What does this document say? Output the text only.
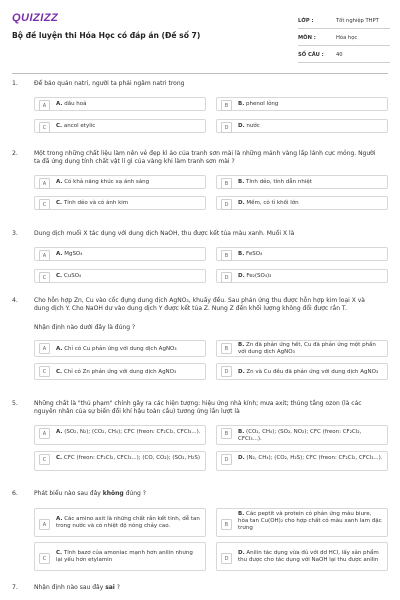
QUIZIZZ
Bộ đề luyện thi Hóa Học có đáp án (Đề số 7)
LỚP :	Tốt nghiệp THPT
MÔN :	Hóa học
SỐ CÂU :	40
1.	Để bảo quản natri, người ta phải ngâm natri trong
A	A. dầu hoả	B	B. phenol lỏng
C	C. ancol etylic	D	D. nước
2.	Một trong những chất liệu làm nên vẻ đẹp kì ảo của tranh sơn mài là những mảnh vàng lấp lánh cực mỏng. Người ta đã ứng dụng tính chất vật lí gì của vàng khi làm tranh sơn mài ?
A	A. Có khả năng khúc xạ ánh sáng	B	B. Tính dẻo, tính dẫn nhiệt
C	C. Tính dẻo và có ánh kim	D	D. Mềm, có tỉ khối lớn
3.	Dung dịch muối X tác dụng với dung dịch NaOH, thu được kết tủa màu xanh. Muối X là
A	A. MgSO₄	B	B. FeSO₄
C	C. CuSO₄	D	D. Fe₂(SO₄)₃
4.	Cho hỗn hợp Zn, Cu vào cốc đựng dung dịch AgNO₃, khuấy đều. Sau phản ứng thu được hỗn hợp kim loại X và dung dịch Y. Cho NaOH dư vào dung dịch Y được kết tủa Z. Nung Z đến khối lượng không đổi được rắn T.
Nhận định nào dưới đây là đúng ?
A	A. Chỉ có Cu phản ứng với dung dịch AgNO₃	B
B. Zn đã phản ứng hết, Cu đã phản ứng một phần với dung dịch AgNO₃
C	C. Chỉ có Zn phản ứng với dung dịch AgNO₃	D	D. Zn và Cu đều đã phản ứng với dung dịch AgNO₃
5.	Những chất là "thủ phạm" chính gây ra các hiện tượng: hiệu ứng nhà kính; mưa axit; thủng tầng ozon (là các nguyên nhân của sự biến đổi khí hậu toàn cầu) tương ứng lần lượt là
A	A. (SO₂, N₂); (CO₂, CH₄); CFC (freon: CF₂Cl₂, CFCl₃...).	B	B. (CO₂, CH₄); (SO₂, NO₂); CFC (freon: CF₂Cl₂, CFCl₃...).
C	C. CFC (freon: CF₂Cl₂, CFCl₃...); (CO, CO₂); (SO₂, H₂S)	D	D. (N₂, CH₄); (CO₂, H₂S); CFC (freon: CF₂Cl₂, CFCl₃...).
6.	Phát biểu nào sau đây không đúng ?
A
A. Các amino axit là những chất rắn kết tinh, dễ tan trong nước và có nhiệt độ nóng chảy cao.	B
B. Các peptit và protein có phản ứng màu biure, hòa tan Cu(OH)₂ cho hợp chất có màu xanh lam đặc trưng
C
C. Tính bazơ của amoniac mạnh hơn anilin nhưng lại yếu hơn etylamin	D
D. Anilin tác dụng vừa đủ với dd HCl, lấy sản phẩm thu được cho tác dụng với NaOH lại thu được anilin
7.	Nhận định nào sau đây sai ?
